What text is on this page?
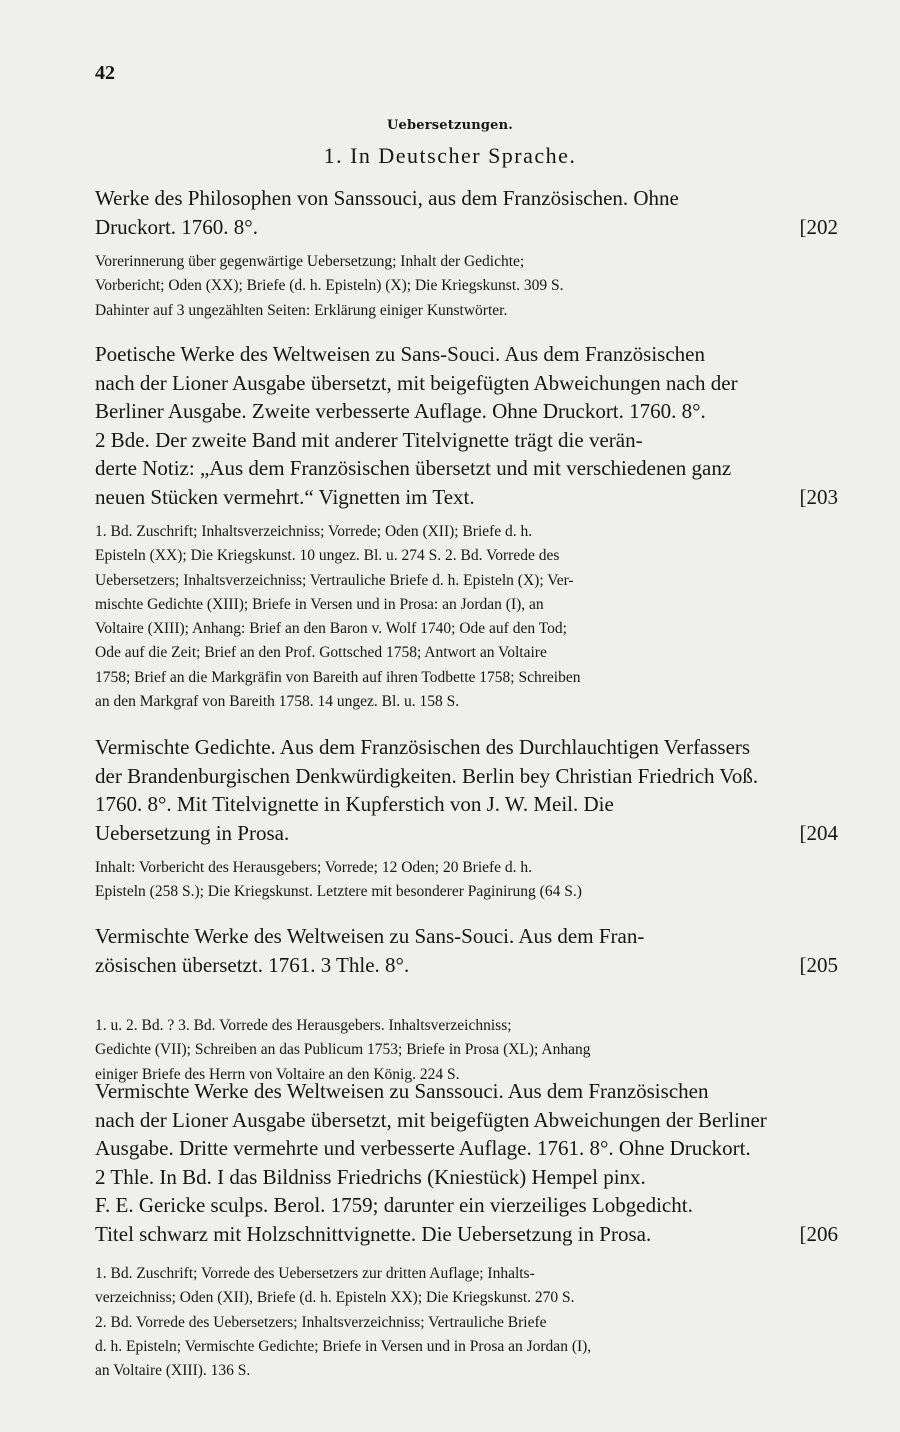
42
Uebersetzungen.
1. In Deutscher Sprache.

Werke des Philosophen von Sanssouci, aus dem Französischen. Ohne

Druckort. 1760. 8°.	[202

Vorerinnerung über gegenwärtige Uebersetzung; Inhalt der Gedichte;

Vorbericht; Oden (XX); Briefe (d. h. Episteln) (X); Die Kriegskunst. 309 S.

Dahinter auf 3 ungezählten Seiten: Erklärung einiger Kunstwörter.

Poetische Werke des Weltweisen zu Sans-Souci. Aus dem Französischen

nach der Lioner Ausgabe übersetzt, mit beigefügten Abweichungen nach der

Berliner Ausgabe. Zweite verbesserte Auflage. Ohne Druckort. 1760. 8°.

2 Bde. Der zweite Band mit anderer Titelvignette trägt die verän-

derte Notiz: „Aus dem Französischen übersetzt und mit verschiedenen ganz

neuen Stücken vermehrt.“ Vignetten im Text.	[203

1. Bd. Zuschrift; Inhaltsverzeichniss; Vorrede; Oden (XII); Briefe d. h.

Episteln (XX); Die Kriegskunst. 10 ungez. Bl. u. 274 S. 2. Bd. Vorrede des

Uebersetzers; Inhaltsverzeichniss; Vertrauliche Briefe d. h. Episteln (X); Ver-

mischte Gedichte (XIII); Briefe in Versen und in Prosa: an Jordan (I), an

Voltaire (XIII); Anhang: Brief an den Baron v. Wolf 1740; Ode auf den Tod;

Ode auf die Zeit; Brief an den Prof. Gottsched 1758; Antwort an Voltaire

1758; Brief an die Markgräfin von Bareith auf ihren Todbette 1758; Schreiben

an den Markgraf von Bareith 1758. 14 ungez. Bl. u. 158 S.

Vermischte Gedichte. Aus dem Französischen des Durchlauchtigen Verfassers

der Brandenburgischen Denkwürdigkeiten. Berlin bey Christian Friedrich Voß.

1760. 8°. Mit Titelvignette in Kupferstich von J. W. Meil. Die

Uebersetzung in Prosa.	[204

Inhalt: Vorbericht des Herausgebers; Vorrede; 12 Oden; 20 Briefe d. h.

Episteln (258 S.); Die Kriegskunst. Letztere mit besonderer Paginirung (64 S.)

Vermischte Werke des Weltweisen zu Sans-Souci. Aus dem Fran-

zösischen übersetzt. 1761. 3 Thle. 8°.	[205

1. u. 2. Bd. ? 3. Bd. Vorrede des Herausgebers. Inhaltsverzeichniss;

Gedichte (VII); Schreiben an das Publicum 1753; Briefe in Prosa (XL); Anhang

einiger Briefe des Herrn von Voltaire an den König. 224 S.

Vermischte Werke des Weltweisen zu Sanssouci. Aus dem Französischen

nach der Lioner Ausgabe übersetzt, mit beigefügten Abweichungen der Berliner

Ausgabe. Dritte vermehrte und verbesserte Auflage. 1761. 8°. Ohne Druckort.

2 Thle. In Bd. I das Bildniss Friedrichs (Kniestück) Hempel pinx.

F. E. Gericke sculps. Berol. 1759; darunter ein vierzeiliges Lobgedicht.

Titel schwarz mit Holzschnittvignette. Die Uebersetzung in Prosa.	[206

1. Bd. Zuschrift; Vorrede des Uebersetzers zur dritten Auflage; Inhalts-

verzeichniss; Oden (XII), Briefe (d. h. Episteln XX); Die Kriegskunst. 270 S.

2. Bd. Vorrede des Uebersetzers; Inhaltsverzeichniss; Vertrauliche Briefe

d. h. Episteln; Vermischte Gedichte; Briefe in Versen und in Prosa an Jordan (I),

an Voltaire (XIII). 136 S.
